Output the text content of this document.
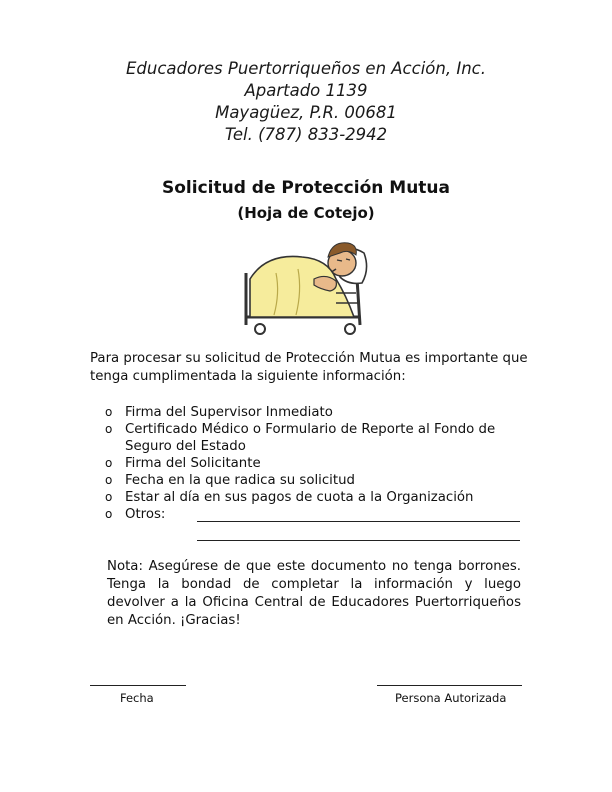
Educadores Puertorriqueños en Acción, Inc.
Apartado 1139
Mayagüez, P.R. 00681
Tel. (787) 833-2942
Solicitud de Protección Mutua
(Hoja de Cotejo)
Para procesar su solicitud de Protección Mutua es importante que tenga cumplimentada la siguiente información:
o Firma del Supervisor Inmediato
o Certificado Médico o Formulario de Reporte al Fondo de Seguro del Estado
o Firma del Solicitante
o Fecha en la que radica su solicitud
o Estar al día en sus pagos de cuota a la Organización
o Otros:
Nota: Asegúrese de que este documento no tenga borrones. Tenga la bondad de completar la información y luego devolver a la Oficina Central de Educadores Puertorriqueños en Acción. ¡Gracias!
Fecha	Persona Autorizada
